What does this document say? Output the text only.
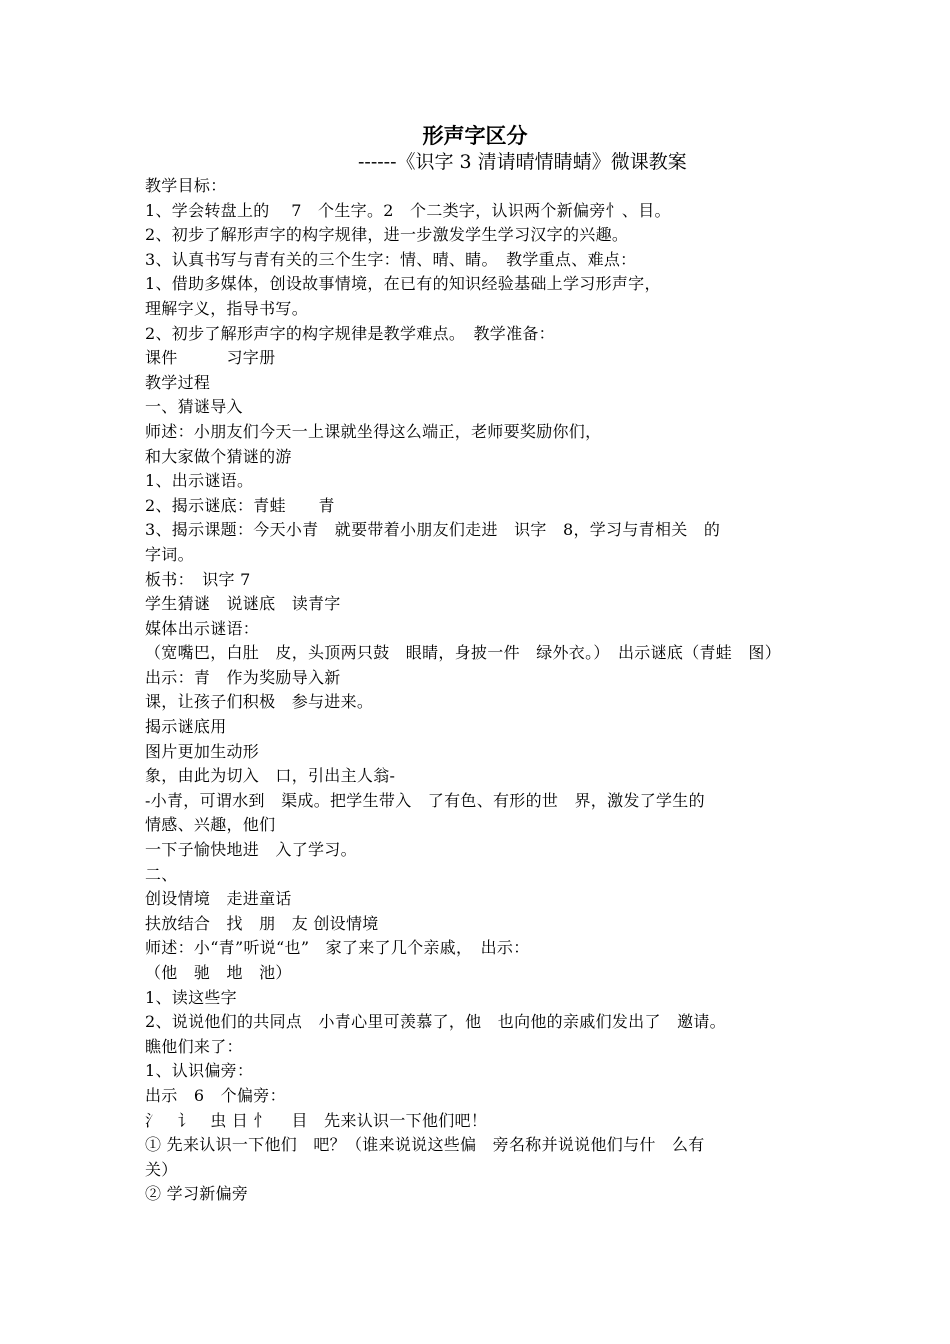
形声字区分
------《识字 3 清请晴情睛蜻》微课教案
教学目标：
1、学会转盘上的　 7　个生字。2　个二类字，认识两个新偏旁忄、目。
2、初步了解形声字的构字规律，进一步激发学生学习汉字的兴趣。
3、认真书写与青有关的三个生字：情、晴、睛。　教学重点、难点：
1、借助多媒体，创设故事情境，在已有的知识经验基础上学习形声字，
理解字义，指导书写。
2、初步了解形声字的构字规律是教学难点。　教学准备：
课件　　　习字册
教学过程
一、猜谜导入
师述：小朋友们今天一上课就坐得这么端正，老师要奖励你们，
和大家做个猜谜的游
1、出示谜语。
2、揭示谜底：青蛙　　青
3、揭示课题：今天小青　就要带着小朋友们走进　识字　8，学习与青相关　的
字词。
板书：　识字 7
学生猜谜　说谜底　读青字
媒体出示谜语：
（宽嘴巴，白肚　皮，头顶两只鼓　眼睛，身披一件　绿外衣。）　出示谜底（青蛙　图）
出示：青　作为奖励导入新
课，让孩子们积极　参与进来。
揭示谜底用
图片更加生动形
象，由此为切入　口，引出主人翁-
-小青，可谓水到　渠成。把学生带入　了有色、有形的世　界，激发了学生的
情感、兴趣，他们
一下子愉快地进　入了学习。
二、
创设情境　走进童话
扶放结合　找　朋　友 创设情境
师述：小“青”听说“也”　家了来了几个亲戚，　出示：
（他　驰　地　池）
1、读这些字
2、说说他们的共同点　小青心里可羡慕了，他　也向他的亲戚们发出了　邀请。
瞧他们来了：
1、认识偏旁：
出示　6　个偏旁：
氵　讠　虫 日 忄　 目　先来认识一下他们吧！
① 先来认识一下他们　吧？（谁来说说这些偏　旁名称并说说他们与什　么有
关）
② 学习新偏旁
